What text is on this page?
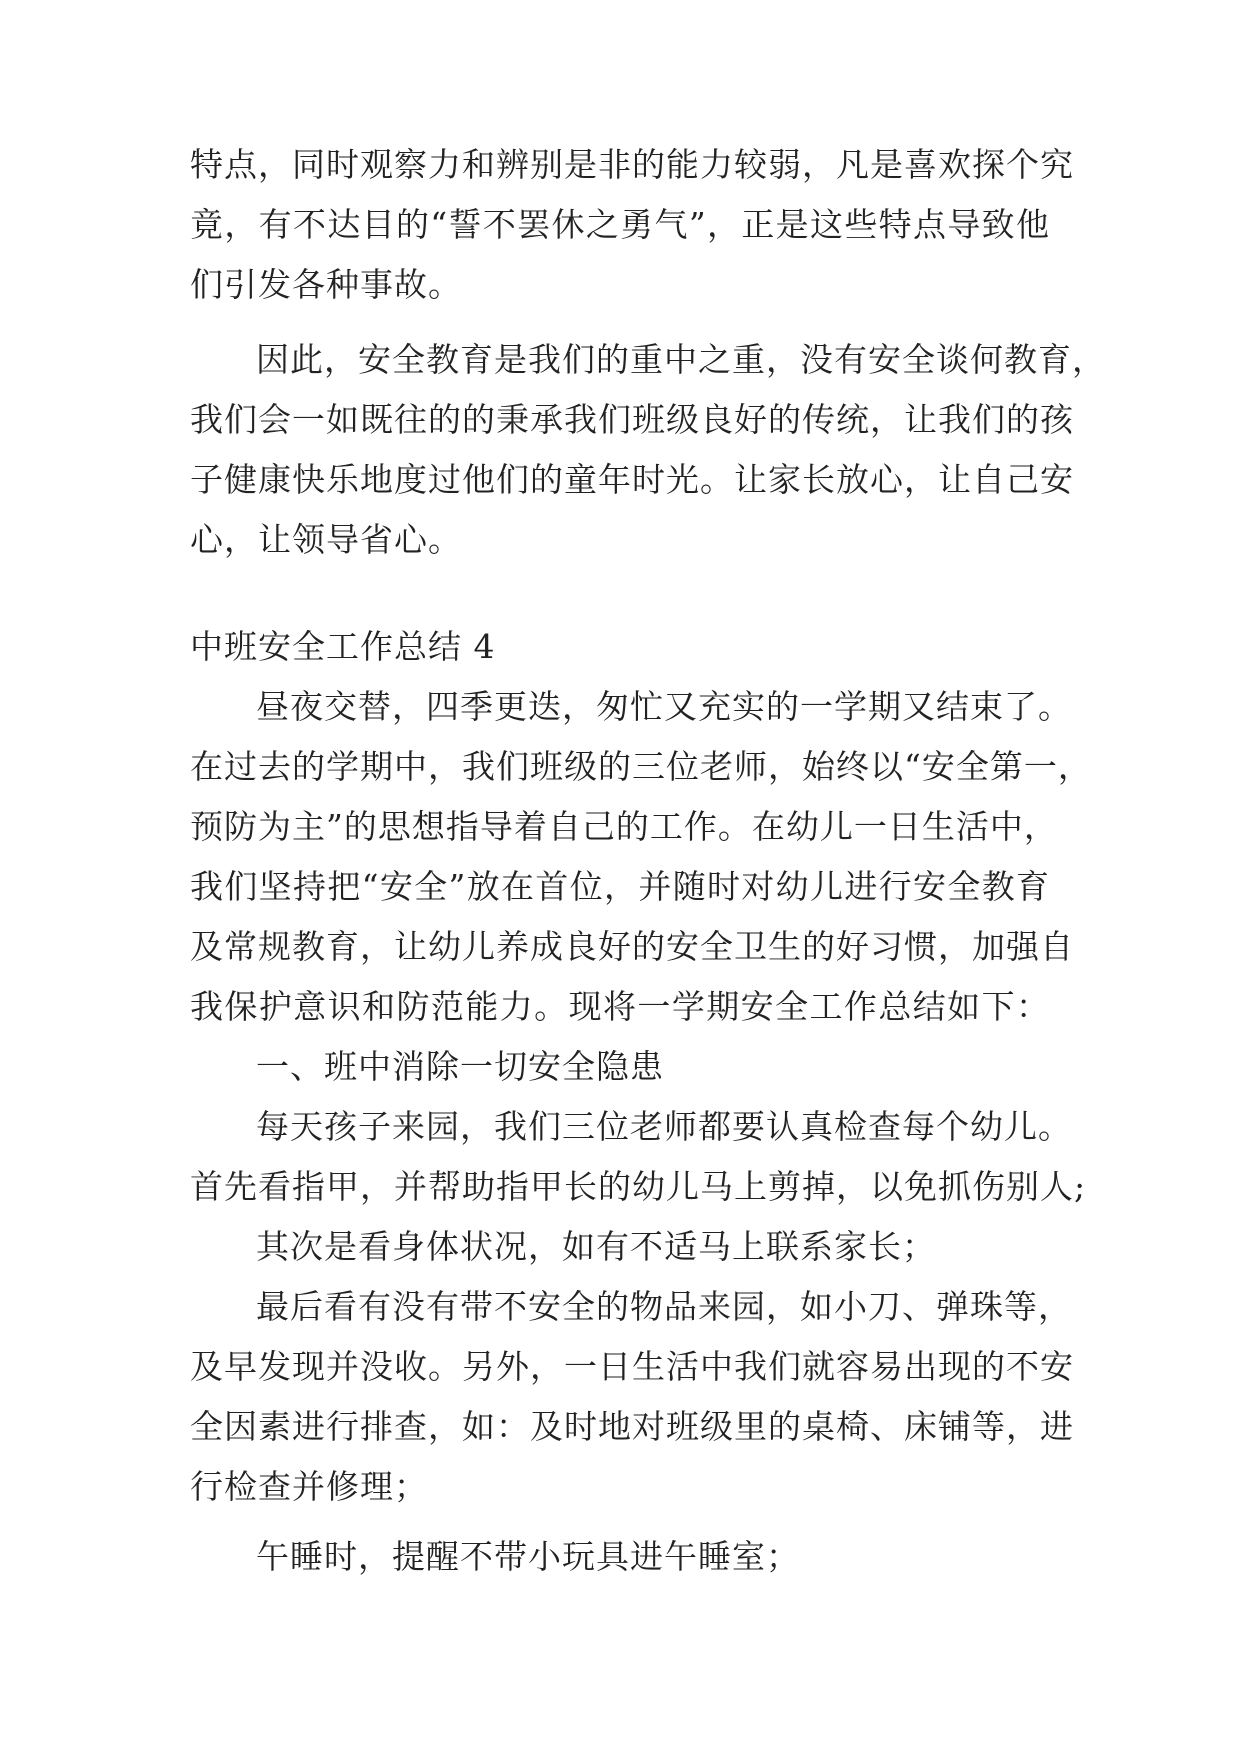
特点，同时观察力和辨别是非的能力较弱，凡是喜欢探个究
竟，有不达目的“誓不罢休之勇气”，正是这些特点导致他
们引发各种事故。
因此，安全教育是我们的重中之重，没有安全谈何教育，
我们会一如既往的的秉承我们班级良好的传统，让我们的孩
子健康快乐地度过他们的童年时光。让家长放心，让自己安
心，让领导省心。
中班安全工作总结 4
昼夜交替，四季更迭，匆忙又充实的一学期又结束了。
在过去的学期中，我们班级的三位老师，始终以“安全第一，
预防为主”的思想指导着自己的工作。在幼儿一日生活中，
我们坚持把“安全”放在首位，并随时对幼儿进行安全教育
及常规教育，让幼儿养成良好的安全卫生的好习惯，加强自
我保护意识和防范能力。现将一学期安全工作总结如下：
一、班中消除一切安全隐患
每天孩子来园，我们三位老师都要认真检查每个幼儿。
首先看指甲，并帮助指甲长的幼儿马上剪掉，以免抓伤别人;
其次是看身体状况，如有不适马上联系家长；
最后看有没有带不安全的物品来园，如小刀、弹珠等，
及早发现并没收。另外，一日生活中我们就容易出现的不安
全因素进行排查，如：及时地对班级里的桌椅、床铺等，进
行检查并修理；
午睡时，提醒不带小玩具进午睡室；
